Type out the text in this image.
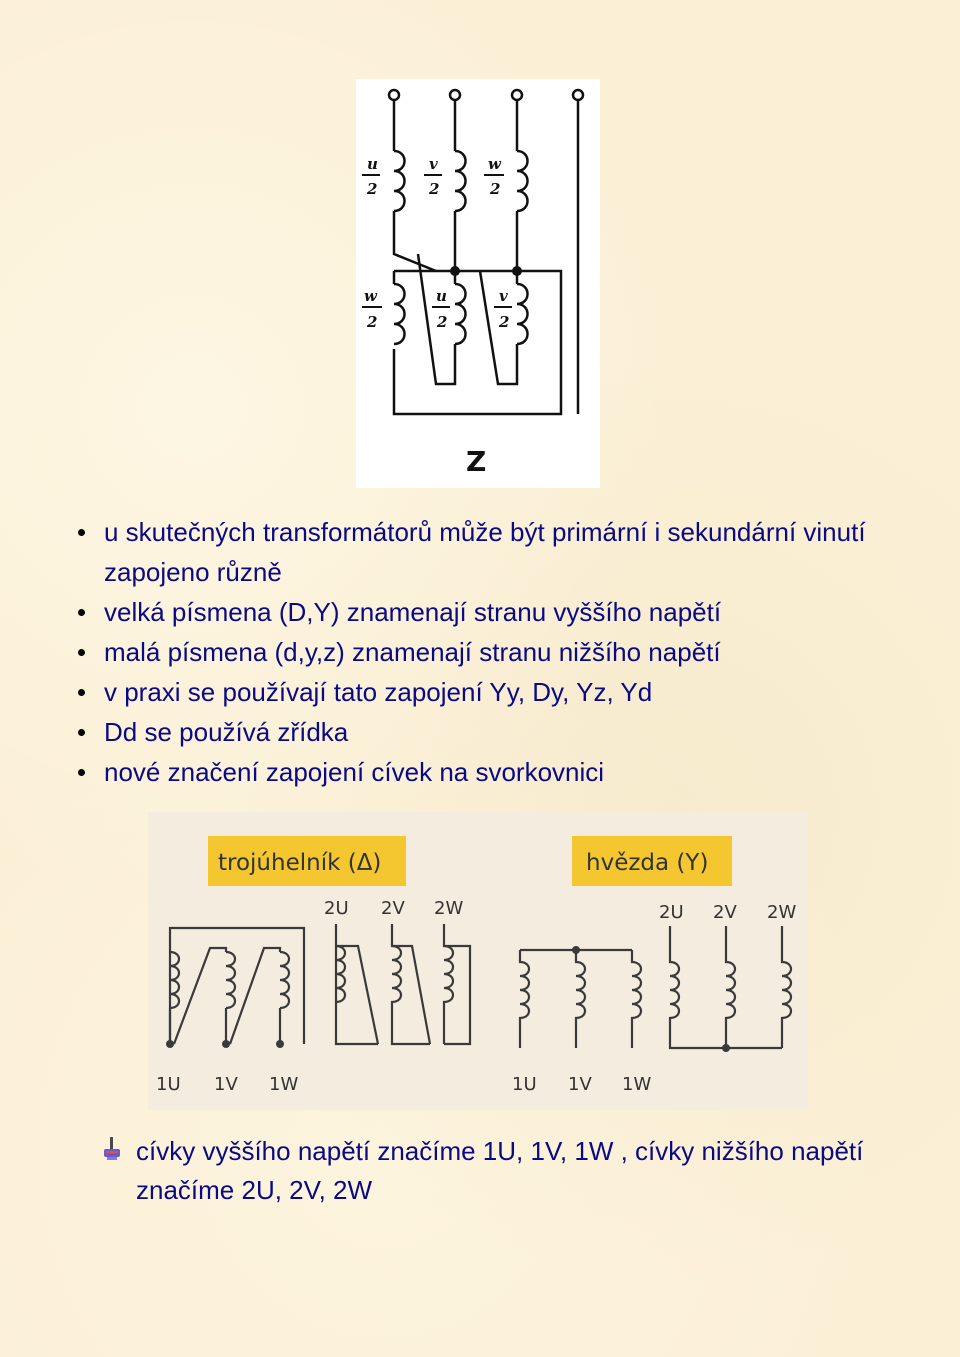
u
2
v
2
w
2
w
2
u
2
v
2
Z
u skutečných transformátorů může být primární i sekundární vinutí zapojeno různě
velká písmena (D,Y) znamenají stranu vyššího napětí
malá písmena (d,y,z) znamenají stranu nižšího napětí
v praxi se používají tato zapojení Yy, Dy, Yz, Yd
Dd se používá zřídka
nové značení zapojení cívek na svorkovnici
trojúhelník (Δ)	hvězda (Y)
2U 2V 2W
1U 1V 1W
2U 2V 2W
1U 1V 1W
cívky vyššího napětí značíme 1U, 1V, 1W , cívky nižšího napětí značíme 2U, 2V, 2W
